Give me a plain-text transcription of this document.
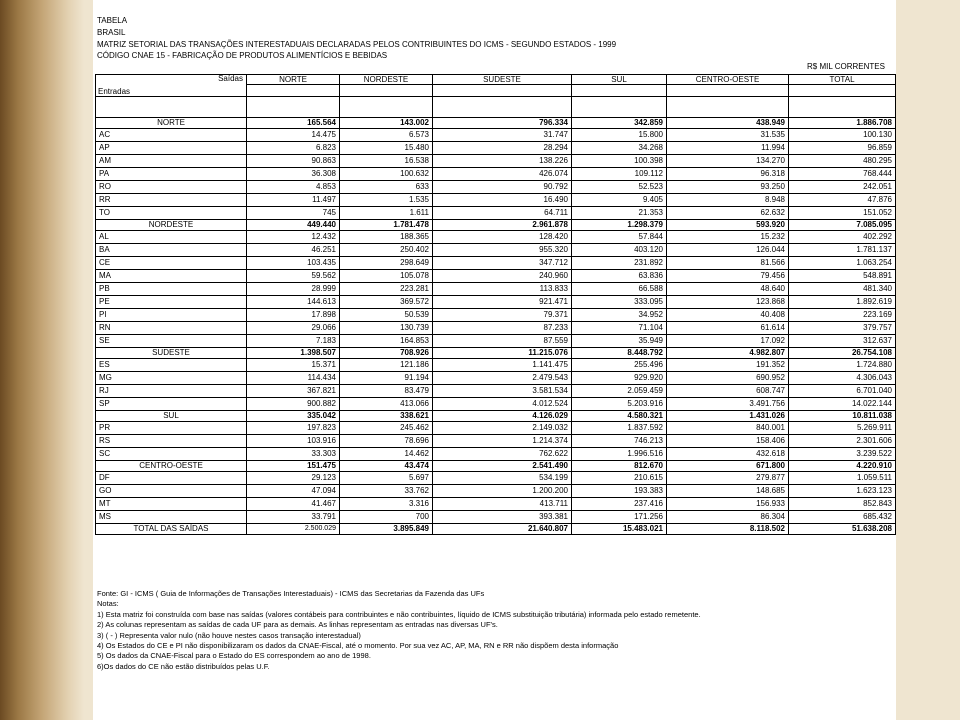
TABELA
BRASIL
MATRIZ SETORIAL DAS TRANSAÇÕES INTERESTADUAIS DECLARADAS PELOS CONTRIBUINTES DO ICMS - SEGUNDO ESTADOS - 1999
CÓDIGO CNAE 15 - FABRICAÇÃO DE PRODUTOS ALIMENTÍCIOS E BEBIDAS
R$ MIL CORRENTES
Saídas
Entradas	NORTE	NORDESTE	SUDESTE	SUL	CENTRO-OESTE	TOTAL

NORTE	165.564	143.002	796.334	342.859	438.949	1.886.708
AC	14.475	6.573	31.747	15.800	31.535	100.130
AP	6.823	15.480	28.294	34.268	11.994	96.859
AM	90.863	16.538	138.226	100.398	134.270	480.295
PA	36.308	100.632	426.074	109.112	96.318	768.444
RO	4.853	633	90.792	52.523	93.250	242.051
RR	11.497	1.535	16.490	9.405	8.948	47.876
TO	745	1.611	64.711	21.353	62.632	151.052
NORDESTE	449.440	1.781.478	2.961.878	1.298.379	593.920	7.085.095
AL	12.432	188.365	128.420	57.844	15.232	402.292
BA	46.251	250.402	955.320	403.120	126.044	1.781.137
CE	103.435	298.649	347.712	231.892	81.566	1.063.254
MA	59.562	105.078	240.960	63.836	79.456	548.891
PB	28.999	223.281	113.833	66.588	48.640	481.340
PE	144.613	369.572	921.471	333.095	123.868	1.892.619
PI	17.898	50.539	79.371	34.952	40.408	223.169
RN	29.066	130.739	87.233	71.104	61.614	379.757
SE	7.183	164.853	87.559	35.949	17.092	312.637
SUDESTE	1.398.507	708.926	11.215.076	8.448.792	4.982.807	26.754.108
ES	15.371	121.186	1.141.475	255.496	191.352	1.724.880
MG	114.434	91.194	2.479.543	929.920	690.952	4.306.043
RJ	367.821	83.479	3.581.534	2.059.459	608.747	6.701.040
SP	900.882	413.066	4.012.524	5.203.916	3.491.756	14.022.144
SUL	335.042	338.621	4.126.029	4.580.321	1.431.026	10.811.038
PR	197.823	245.462	2.149.032	1.837.592	840.001	5.269.911
RS	103.916	78.696	1.214.374	746.213	158.406	2.301.606
SC	33.303	14.462	762.622	1.996.516	432.618	3.239.522
CENTRO-OESTE	151.475	43.474	2.541.490	812.670	671.800	4.220.910
DF	29.123	5.697	534.199	210.615	279.877	1.059.511
GO	47.094	33.762	1.200.200	193.383	148.685	1.623.123
MT	41.467	3.316	413.711	237.416	156.933	852.843
MS	33.791	700	393.381	171.256	86.304	685.432
TOTAL DAS SAÍDAS	2.500.029	3.895.849	21.640.807	15.483.021	8.118.502	51.638.208
Fonte: GI - ICMS ( Guia de Informações de Transações Interestaduais) - ICMS das Secretarias da Fazenda das UFs
Notas:
1) Esta matriz foi construída com base nas saídas (valores contábeis para contribuintes e não contribuintes, líquido de ICMS substituição tributária) informada pelo estado remetente.
2) As colunas representam as saídas de cada UF para as demais. As linhas representam as entradas nas diversas UF's.
3) ( - ) Representa valor nulo (não houve nestes casos transação interestadual)
4) Os Estados do CE e PI não disponibilizaram os dados da CNAE-Fiscal, até o momento. Por sua vez AC, AP, MA, RN e RR não dispõem desta informação
5) Os dados da CNAE-Fiscal para o Estado do ES correspondem ao ano de 1998.
6)Os dados do CE não estão distribuídos pelas U.F.
